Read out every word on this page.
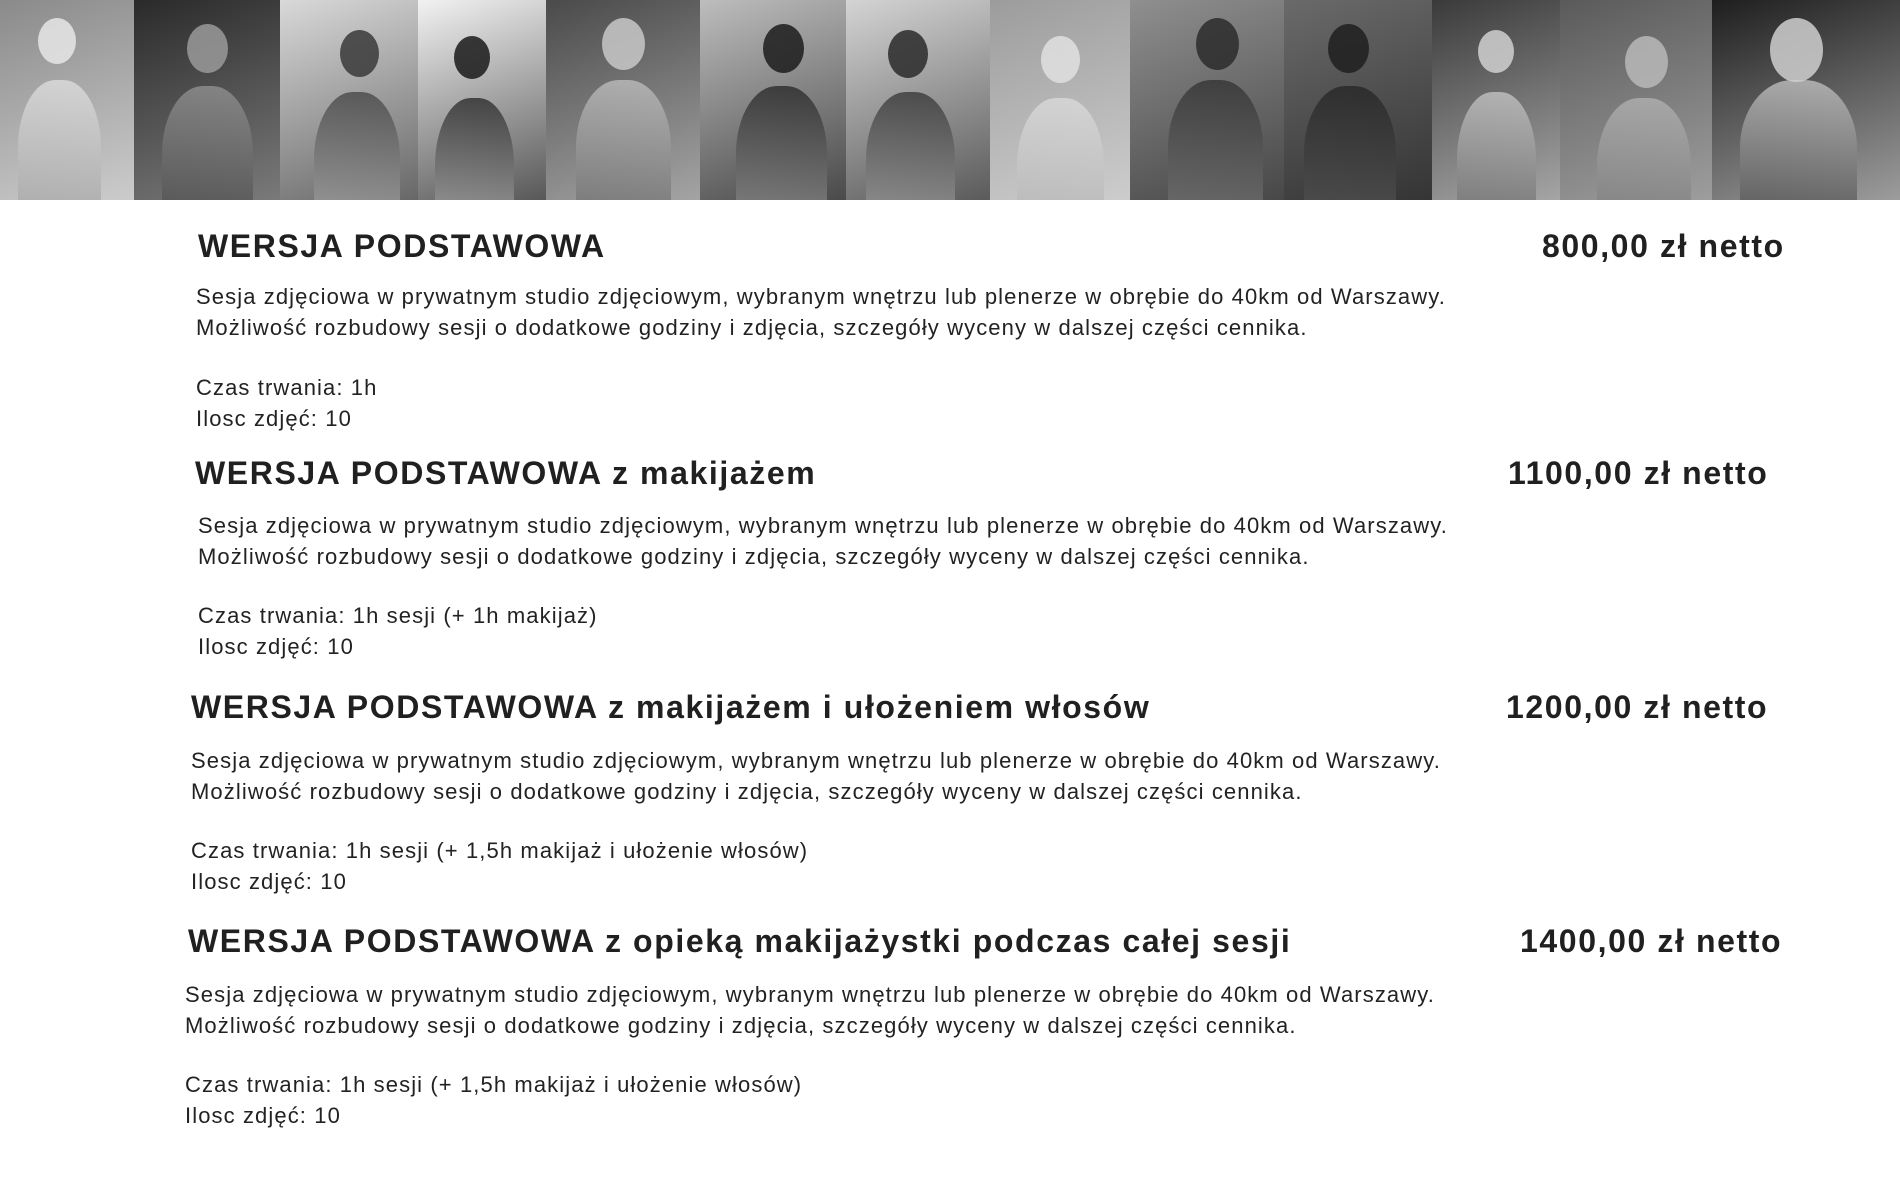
WERSJA PODSTAWOWA	800,00 zł netto
Sesja zdjęciowa w prywatnym studio zdjęciowym, wybranym wnętrzu lub plenerze w obrębie do 40km od Warszawy.
Możliwość rozbudowy sesji o dodatkowe godziny i zdjęcia, szczegóły wyceny w dalszej części cennika.
Czas trwania: 1h
Ilosc zdjęć: 10
WERSJA PODSTAWOWA z makijażem	1100,00 zł netto
Sesja zdjęciowa w prywatnym studio zdjęciowym, wybranym wnętrzu lub plenerze w obrębie do 40km od Warszawy.
Możliwość rozbudowy sesji o dodatkowe godziny i zdjęcia, szczegóły wyceny w dalszej części cennika.
Czas trwania: 1h sesji (+ 1h makijaż)
Ilosc zdjęć: 10
WERSJA PODSTAWOWA z makijażem i ułożeniem włosów	1200,00 zł netto
Sesja zdjęciowa w prywatnym studio zdjęciowym, wybranym wnętrzu lub plenerze w obrębie do 40km od Warszawy.
Możliwość rozbudowy sesji o dodatkowe godziny i zdjęcia, szczegóły wyceny w dalszej części cennika.
Czas trwania: 1h sesji (+ 1,5h makijaż i ułożenie włosów)
Ilosc zdjęć: 10
WERSJA PODSTAWOWA z opieką makijażystki podczas całej sesji	1400,00 zł netto
Sesja zdjęciowa w prywatnym studio zdjęciowym, wybranym wnętrzu lub plenerze w obrębie do 40km od Warszawy.
Możliwość rozbudowy sesji o dodatkowe godziny i zdjęcia, szczegóły wyceny w dalszej części cennika.
Czas trwania: 1h sesji (+ 1,5h makijaż i ułożenie włosów)
Ilosc zdjęć: 10
